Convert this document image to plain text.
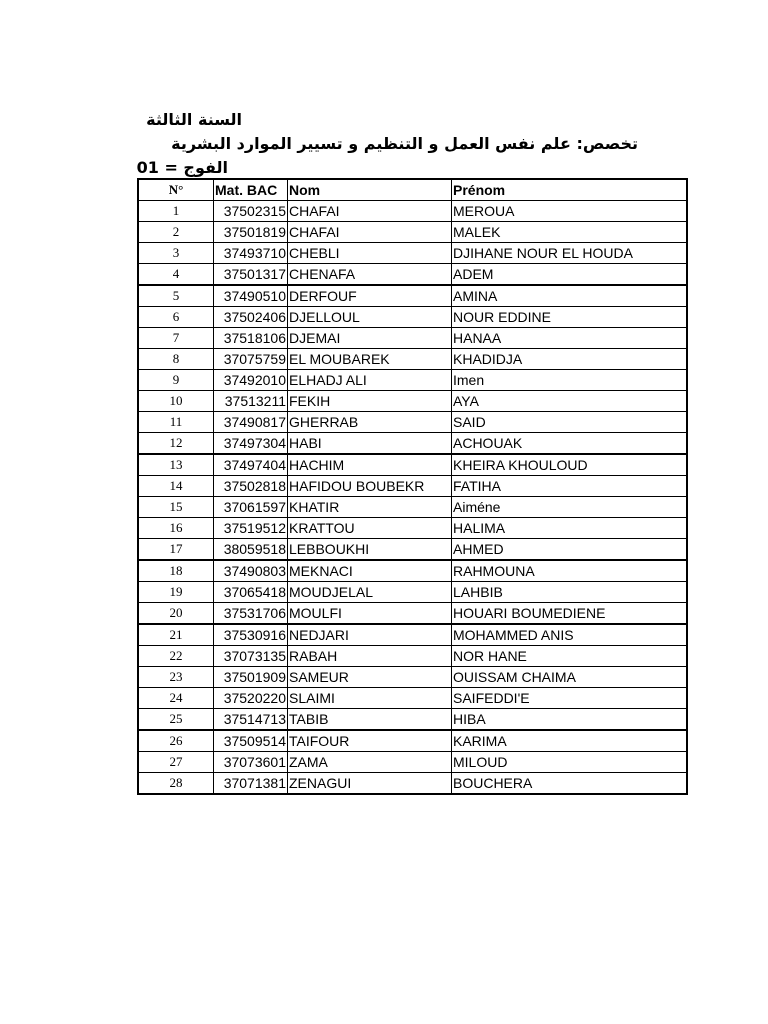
السنة الثالثة
تخصص: علم نفس العمل و التنظيم و تسيير الموارد البشرية
الفوج = 01
N°	Mat. BAC	Nom	Prénom
1	37502315	CHAFAI	MEROUA
2	37501819	CHAFAI	MALEK
3	37493710	CHEBLI	DJIHANE NOUR EL HOUDA
4	37501317	CHENAFA	ADEM
5	37490510	DERFOUF	AMINA
6	37502406	DJELLOUL	NOUR EDDINE
7	37518106	DJEMAI	HANAA
8	37075759	EL MOUBAREK	KHADIDJA
9	37492010	ELHADJ ALI	Imen
10	37513211	FEKIH	AYA
11	37490817	GHERRAB	SAID
12	37497304	HABI	ACHOUAK
13	37497404	HACHIM	KHEIRA KHOULOUD
14	37502818	HAFIDOU BOUBEKR	FATIHA
15	37061597	KHATIR	Aiméne
16	37519512	KRATTOU	HALIMA
17	38059518	LEBBOUKHI	AHMED
18	37490803	MEKNACI	RAHMOUNA
19	37065418	MOUDJELAL	LAHBIB
20	37531706	MOULFI	HOUARI BOUMEDIENE
21	37530916	NEDJARI	MOHAMMED ANIS
22	37073135	RABAH	NOR HANE
23	37501909	SAMEUR	OUISSAM CHAIMA
24	37520220	SLAIMI	SAIFEDDI'E
25	37514713	TABIB	HIBA
26	37509514	TAIFOUR	KARIMA
27	37073601	ZAMA	MILOUD
28	37071381	ZENAGUI	BOUCHERA
